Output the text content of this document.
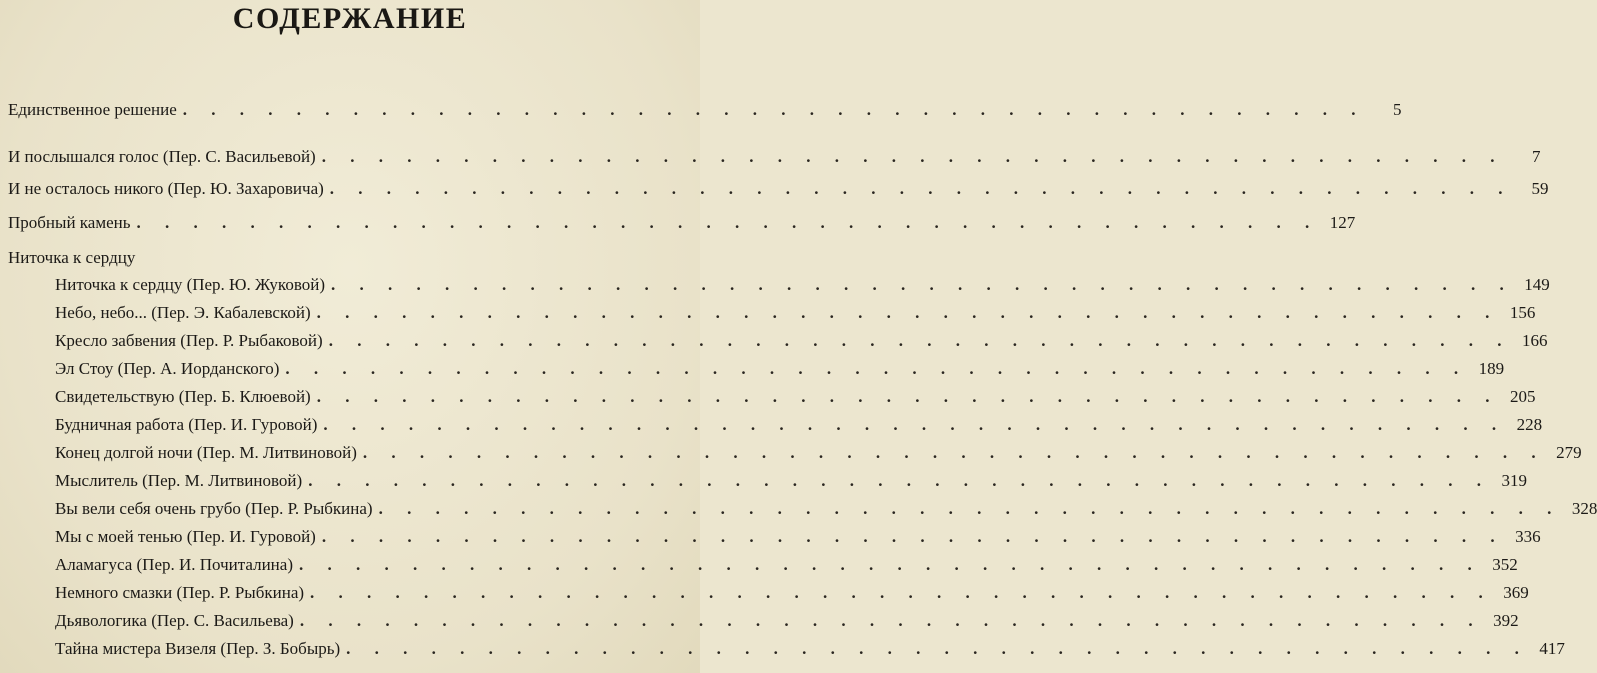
СОДЕРЖАНИЕ
Единственное решение . . . . . . . . . . . . . . . . . . . . . . . . . . . . . . . . . . . . . . . . . .	5
И послышался голос (Пер. С. Васильевой) . . . . . . . . . . . . . . . . . . . . . . . . . . . . . . . . . . . . . . . . . .	7
И не осталось никого (Пер. Ю. Захаровича) . . . . . . . . . . . . . . . . . . . . . . . . . . . . . . . . . . . . . . . . . .	59
Пробный камень . . . . . . . . . . . . . . . . . . . . . . . . . . . . . . . . . . . . . . . . . . 127
Ниточка к сердцу
Ниточка к сердцу (Пер. Ю. Жуковой) . . . . . . . . . . . . . . . . . . . . . . . . . . . . . . . . . . . . . . . . . . 149
Небо, небо... (Пер. Э. Кабалевской) . . . . . . . . . . . . . . . . . . . . . . . . . . . . . . . . . . . . . . . . . . 156
Кресло забвения (Пер. Р. Рыбаковой) . . . . . . . . . . . . . . . . . . . . . . . . . . . . . . . . . . . . . . . . . . 166
Эл Стоу (Пер. А. Иорданского) . . . . . . . . . . . . . . . . . . . . . . . . . . . . . . . . . . . . . . . . . . 189
Свидетельствую (Пер. Б. Клюевой) . . . . . . . . . . . . . . . . . . . . . . . . . . . . . . . . . . . . . . . . . . 205
Будничная работа (Пер. И. Гуровой) . . . . . . . . . . . . . . . . . . . . . . . . . . . . . . . . . . . . . . . . . . 228
Конец долгой ночи (Пер. М. Литвиновой) . . . . . . . . . . . . . . . . . . . . . . . . . . . . . . . . . . . . . . . . . . 279
Мыслитель (Пер. М. Литвиновой) . . . . . . . . . . . . . . . . . . . . . . . . . . . . . . . . . . . . . . . . . . 319
Вы вели себя очень грубо (Пер. Р. Рыбкина) . . . . . . . . . . . . . . . . . . . . . . . . . . . . . . . . . . . . . . . . . . 328
Мы с моей тенью (Пер. И. Гуровой) . . . . . . . . . . . . . . . . . . . . . . . . . . . . . . . . . . . . . . . . . . 336
Аламагуса (Пер. И. Почиталина) . . . . . . . . . . . . . . . . . . . . . . . . . . . . . . . . . . . . . . . . . . 352
Немного смазки (Пер. Р. Рыбкина) . . . . . . . . . . . . . . . . . . . . . . . . . . . . . . . . . . . . . . . . . . 369
Дьявологика (Пер. С. Васильева) . . . . . . . . . . . . . . . . . . . . . . . . . . . . . . . . . . . . . . . . . . 392
Тайна мистера Визеля (Пер. З. Бобырь) . . . . . . . . . . . . . . . . . . . . . . . . . . . . . . . . . . . . . . . . . . 417
